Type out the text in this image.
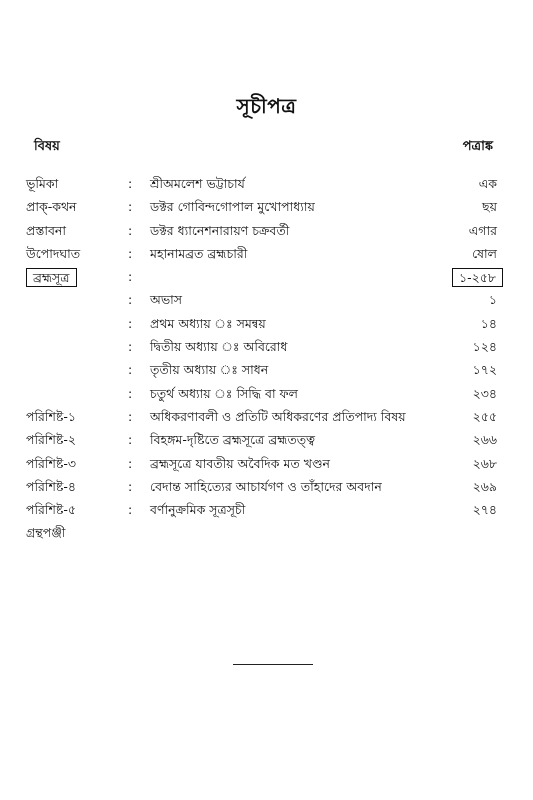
সূচীপত্র
বিষয়	পত্রাঙ্ক
ভূমিকা	: শ্রীঅমলেশ ভট্টাচার্য	এক
প্রাক্-কথন	: ডক্টর গোবিন্দগোপাল মুখোপাধ্যায়	ছয়
প্রস্তাবনা	: ডক্টর ধ্যানেশনারায়ণ চক্রবর্তী	এগার
উপোদঘাত	: মহানামব্রত ব্রহ্মচারী	ষোল
ব্রহ্মসূত্র	:	১-২৫৮
: অভাস	১
: প্রথম অধ্যায় ঃ সমন্বয়	১৪
: দ্বিতীয় অধ্যায় ঃ অবিরোধ	১২৪
: তৃতীয় অধ্যায় ঃ সাধন	১৭২
: চতুর্থ অধ্যায় ঃ সিদ্ধি বা ফল	২৩৪
পরিশিষ্ট-১	: অধিকরণাবলী ও প্রতিটি অধিকরণের প্রতিপাদ্য বিষয়	২৫৫
পরিশিষ্ট-২	: বিহঙ্গম-দৃষ্টিতে ব্রহ্মসূত্রে ব্রহ্মতত্ত্ব	২৬৬
পরিশিষ্ট-৩	: ব্রহ্মসূত্রে যাবতীয় অবৈদিক মত খণ্ডন	২৬৮
পরিশিষ্ট-৪	: বেদান্ত সাহিত্যের আচার্যগণ ও তাঁহাদের অবদান	২৬৯
পরিশিষ্ট-৫	: বর্ণানুক্রমিক সূত্রসূচী	২৭৪
গ্রন্থপঞ্জী
